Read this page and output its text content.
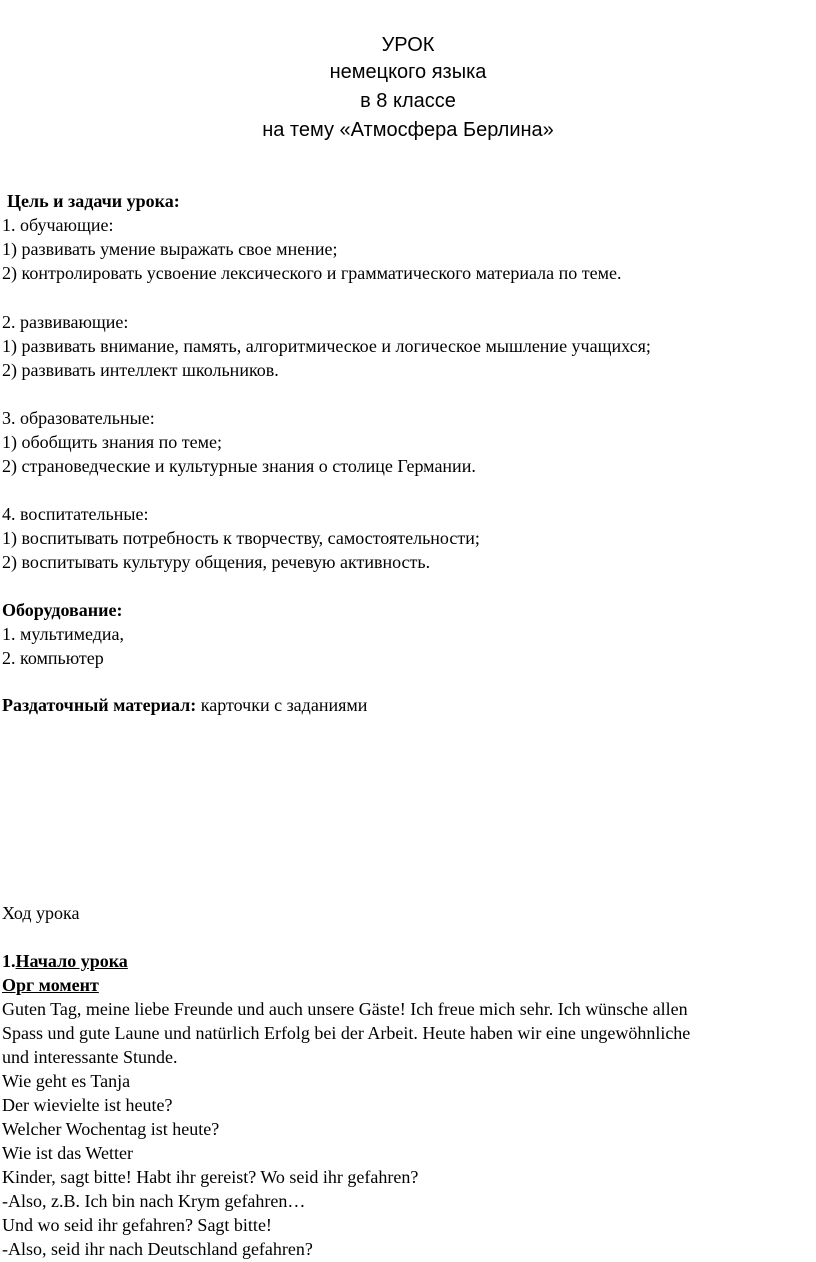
УРОК
немецкого языка
в 8 классе
на тему «Атмосфера Берлина»
Цель и задачи урока:
1. обучающие:
1) развивать умение выражать свое мнение;
2) контролировать усвоение лексического и грамматического материала по теме.
2. развивающие:
1) развивать внимание, память, алгоритмическое и логическое мышление учащихся;
2) развивать интеллект школьников.
3. образовательные:
1) обобщить знания по теме;
2) страноведческие и культурные знания о столице Германии.
4. воспитательные:
1) воспитывать потребность к творчеству, самостоятельности;
2) воспитывать культуру общения, речевую активность.
Оборудование:
1. мультимедиа,
2. компьютер
Раздаточный материал: карточки с заданиями
Ход урока
1.Начало урока
Орг момент
Guten Tag, meine liebe Freunde und auch unsere Gäste! Ich freue mich sehr. Ich wünsche allen
Spass und gute Laune und natürlich Erfolg bei der Arbeit. Heute haben wir eine ungewöhnliche
und interessante Stunde.
Wie geht es Tanja
Der wievielte ist heute?
Welcher Wochentag ist heute?
Wie ist das Wetter
Kinder, sagt bitte! Habt ihr gereist? Wo seid ihr gefahren?
-Also, z.B. Ich bin nach Krym gefahren…
Und wo seid ihr gefahren? Sagt bitte!
-Also, seid ihr nach Deutschland gefahren?
